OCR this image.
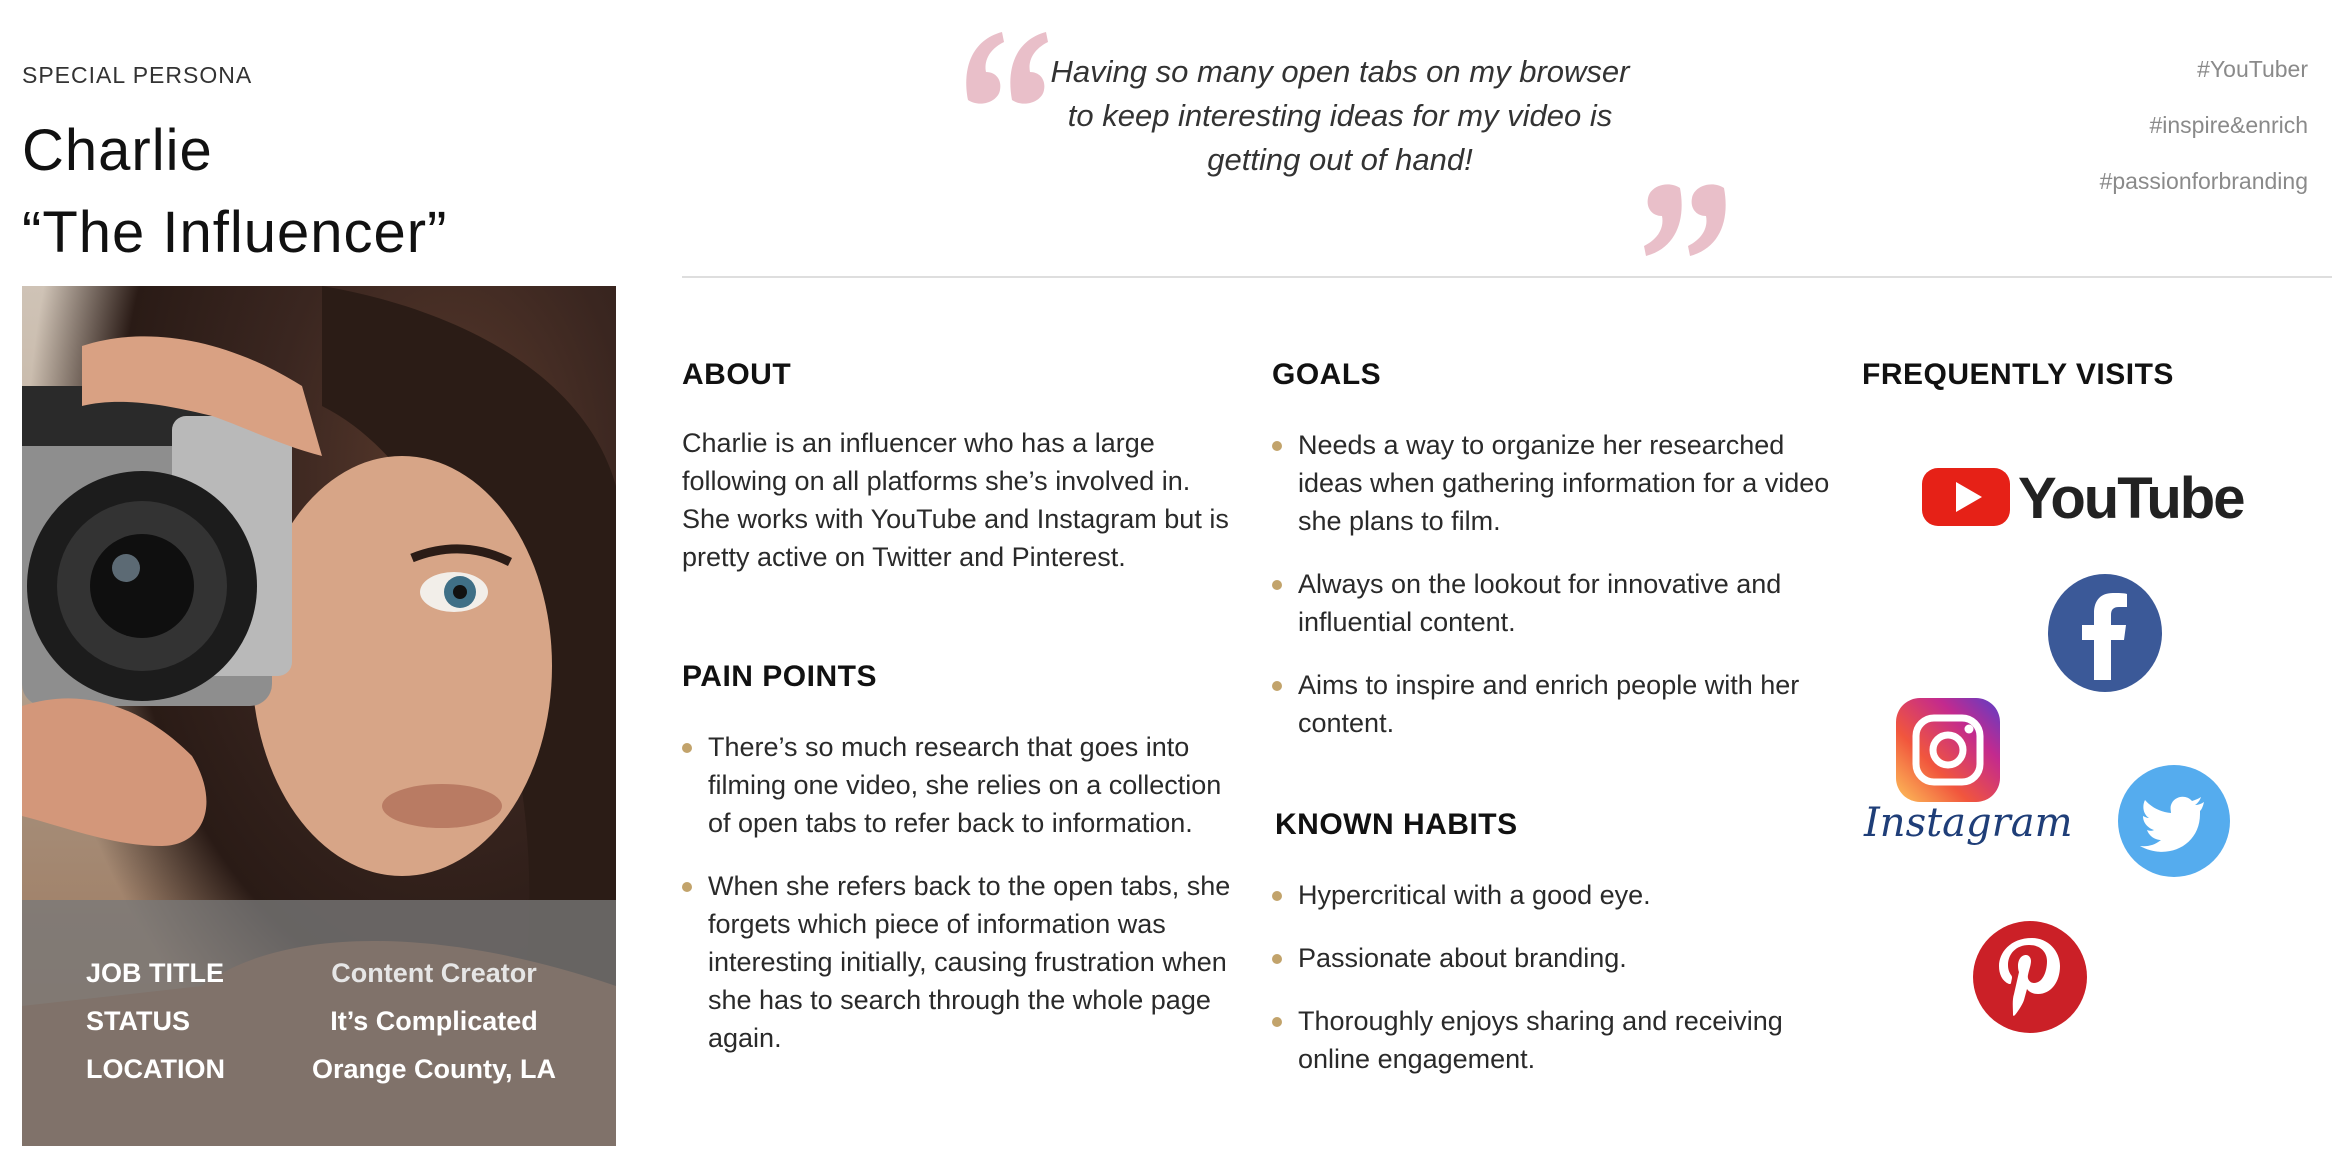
SPECIAL PERSONA
Charlie
“The Influencer”
JOB TITLE	Content Creator
STATUS	It’s Complicated
LOCATION	Orange County, LA
Having so many open tabs on my browser to keep interesting ideas for my video is getting out of hand!
#YouTuber
#inspire&enrich
#passionforbranding
ABOUT
Charlie is an influencer who has a large following on all platforms she’s involved in. She works with YouTube and Instagram but is pretty active on Twitter and Pinterest.
PAIN POINTS
There’s so much research that goes into filming one video, she relies on a collection of open tabs to refer back to information.
When she refers back to the open tabs, she forgets which piece of information was interesting initially, causing frustration when she has to search through the whole page again.
GOALS
Needs a way to organize her researched ideas when gathering information for a video she plans to film.
Always on the lookout for innovative and influential content.
Aims to inspire and enrich people with her content.
KNOWN HABITS
Hypercritical with a good eye.
Passionate about branding.
Thoroughly enjoys sharing and receiving online engagement.
FREQUENTLY VISITS
YouTube
Instagram
